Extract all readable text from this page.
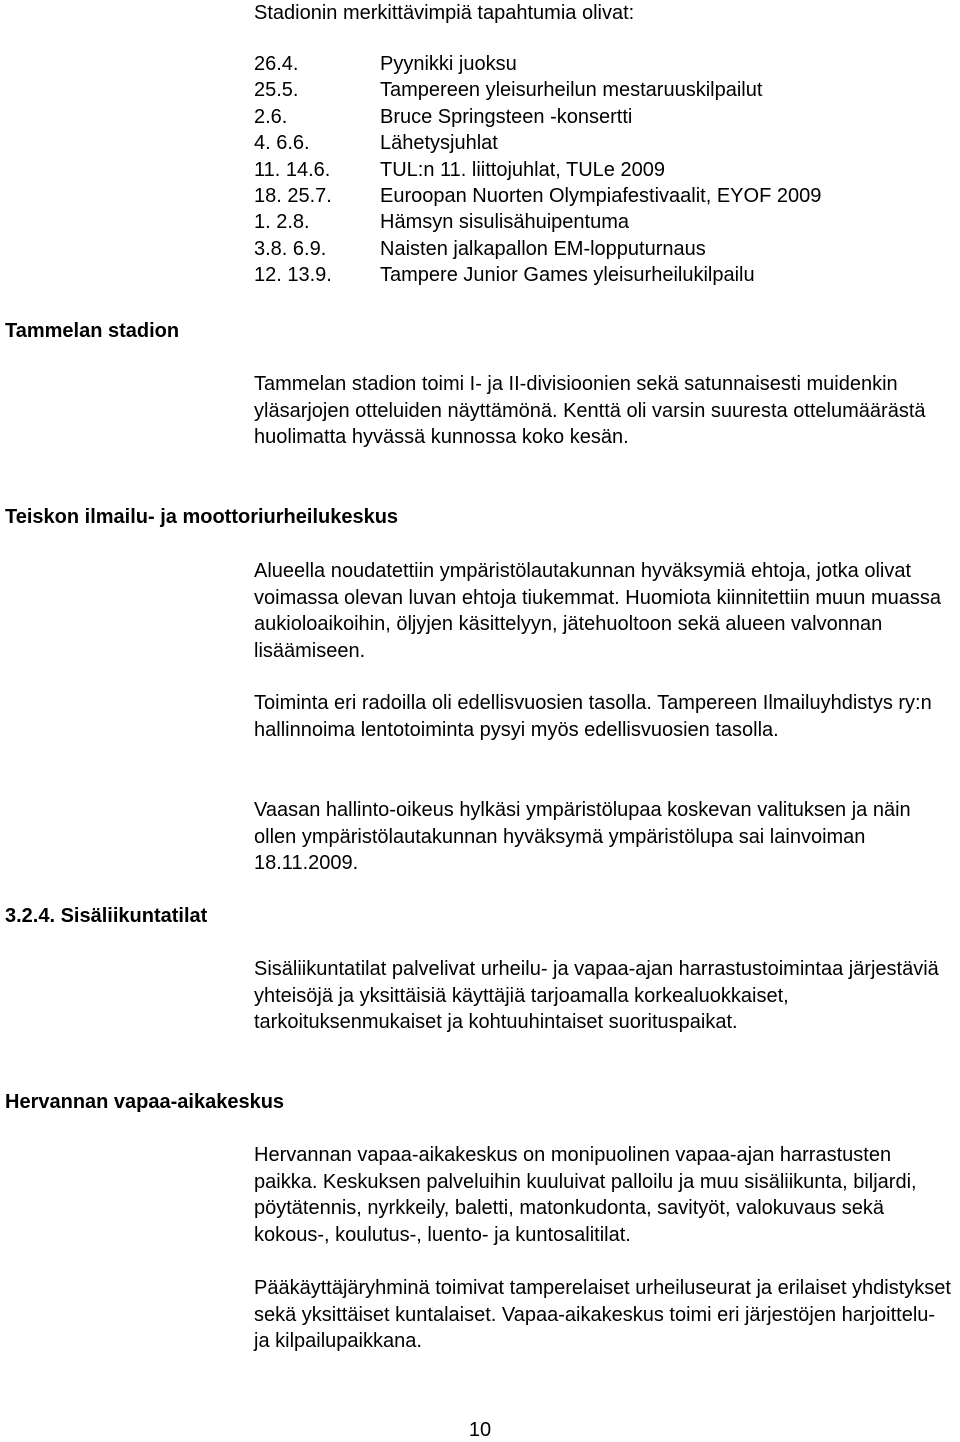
Stadionin merkittävimpiä tapahtumia olivat:

26.4.	Pyynikki juoksu
25.5.	Tampereen yleisurheilun mestaruuskilpailut
2.6.	Bruce Springsteen -konsertti
4. 6.6.	Lähetysjuhlat
11. 14.6.	TUL:n 11. liittojuhlat, TULe 2009
18. 25.7.	Euroopan Nuorten Olympiafestivaalit, EYOF 2009
1. 2.8.	Hämsyn sisulisähuipentuma
3.8. 6.9.	Naisten jalkapallon EM-lopputurnaus
12. 13.9.	Tampere Junior Games yleisurheilukilpailu
Tammelan stadion

Tammelan stadion toimi I- ja II-divisioonien sekä satunnaisesti muidenkin yläsarjojen otteluiden näyttämönä. Kenttä oli varsin suuresta ottelumäärästä huolimatta hyvässä kunnossa koko kesän.

Teiskon ilmailu- ja moottoriurheilukeskus

Alueella noudatettiin ympäristölautakunnan hyväksymiä ehtoja, jotka olivat voimassa olevan luvan ehtoja tiukemmat. Huomiota kiinnitettiin muun muassa aukioloaikoihin, öljyjen käsittelyyn, jätehuoltoon sekä alueen valvonnan lisäämiseen.

Toiminta eri radoilla oli edellisvuosien tasolla. Tampereen Ilmailuyhdistys ry:n hallinnoima lentotoiminta pysyi myös edellisvuosien tasolla.

Vaasan hallinto-oikeus hylkäsi ympäristölupaa koskevan valituksen ja näin ollen ympäristölautakunnan hyväksymä ympäristölupa sai lainvoiman 18.11.2009.

3.2.4. Sisäliikuntatilat

Sisäliikuntatilat palvelivat urheilu- ja vapaa-ajan harrastustoimintaa järjestäviä yhteisöjä ja yksittäisiä käyttäjiä tarjoamalla korkealuokkaiset, tarkoituksenmukaiset ja kohtuuhintaiset suorituspaikat.

Hervannan vapaa-aikakeskus

Hervannan vapaa-aikakeskus on monipuolinen vapaa-ajan harrastusten paikka. Keskuksen palveluihin kuuluivat palloilu ja muu sisäliikunta, biljardi, pöytätennis, nyrkkeily, baletti, matonkudonta, savityöt, valokuvaus sekä kokous-, koulutus-, luento- ja kuntosalitilat.

Pääkäyttäjäryhminä toimivat tamperelaiset urheiluseurat ja erilaiset yhdistykset sekä yksittäiset kuntalaiset. Vapaa-aikakeskus toimi eri järjestöjen harjoittelu- ja kilpailupaikkana.

10
